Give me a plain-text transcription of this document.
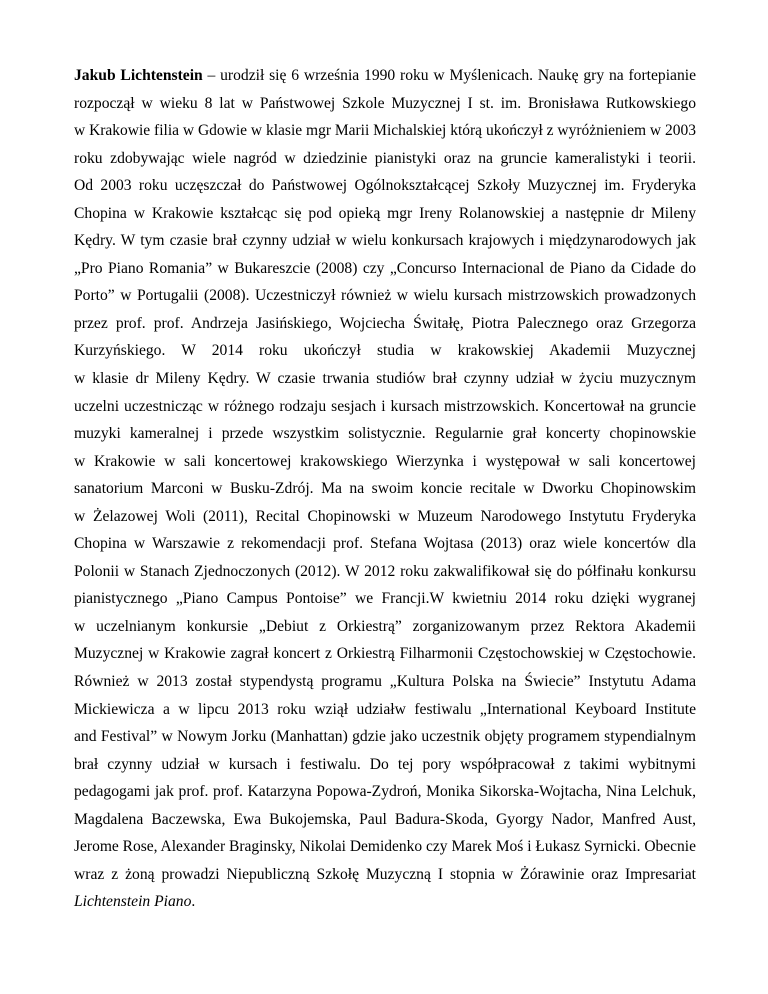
Jakub Lichtenstein – urodził się 6 września 1990 roku w Myślenicach. Naukę gry na fortepianie
rozpoczął w wieku 8 lat w Państwowej Szkole Muzycznej I st. im. Bronisława Rutkowskiego
w Krakowie filia w Gdowie w klasie mgr Marii Michalskiej którą ukończył z wyróżnieniem w 2003
roku zdobywając wiele nagród w dziedzinie pianistyki oraz na gruncie kameralistyki i teorii.
Od 2003 roku uczęszczał do Państwowej Ogólnokształcącej Szkoły Muzycznej im. Fryderyka
Chopina w Krakowie kształcąc się pod opieką mgr Ireny Rolanowskiej a następnie dr Mileny
Kędry. W tym czasie brał czynny udział w wielu konkursach krajowych i międzynarodowych jak
„Pro Piano Romania” w Bukareszcie (2008) czy „Concurso Internacional de Piano da Cidade do
Porto” w Portugalii (2008). Uczestniczył również w wielu kursach mistrzowskich prowadzonych
przez prof. prof. Andrzeja Jasińskiego, Wojciecha Świtałę, Piotra Palecznego oraz Grzegorza
Kurzyńskiego. W 2014 roku ukończył studia w krakowskiej Akademii Muzycznej
w klasie dr Mileny Kędry. W czasie trwania studiów brał czynny udział w życiu muzycznym
uczelni uczestnicząc w różnego rodzaju sesjach i kursach mistrzowskich. Koncertował na gruncie
muzyki kameralnej i przede wszystkim solistycznie. Regularnie grał koncerty chopinowskie
w Krakowie w sali koncertowej krakowskiego Wierzynka i występował w sali koncertowej
sanatorium Marconi w Busku-Zdrój. Ma na swoim koncie recitale w Dworku Chopinowskim
w Żelazowej Woli (2011), Recital Chopinowski w Muzeum Narodowego Instytutu Fryderyka
Chopina w Warszawie z rekomendacji prof. Stefana Wojtasa (2013) oraz wiele koncertów dla
Polonii w Stanach Zjednoczonych (2012). W 2012 roku zakwalifikował się do półfinału konkursu
pianistycznego „Piano Campus Pontoise” we Francji.W kwietniu 2014 roku dzięki wygranej
w uczelnianym konkursie „Debiut z Orkiestrą” zorganizowanym przez Rektora Akademii
Muzycznej w Krakowie zagrał koncert z Orkiestrą Filharmonii Częstochowskiej w Częstochowie.
Również w 2013 został stypendystą programu „Kultura Polska na Świecie” Instytutu Adama
Mickiewicza a w lipcu 2013 roku wziął udziałw festiwalu „International Keyboard Institute
and Festival” w Nowym Jorku (Manhattan) gdzie jako uczestnik objęty programem stypendialnym
brał czynny udział w kursach i festiwalu. Do tej pory współpracował z takimi wybitnymi
pedagogami jak prof. prof. Katarzyna Popowa-Zydroń, Monika Sikorska-Wojtacha, Nina Lelchuk,
Magdalena Baczewska, Ewa Bukojemska, Paul Badura-Skoda, Gyorgy Nador, Manfred Aust,
Jerome Rose, Alexander Braginsky, Nikolai Demidenko czy Marek Moś i Łukasz Syrnicki. Obecnie
wraz z żoną prowadzi Niepubliczną Szkołę Muzyczną I stopnia w Żórawinie oraz Impresariat
Lichtenstein Piano.
